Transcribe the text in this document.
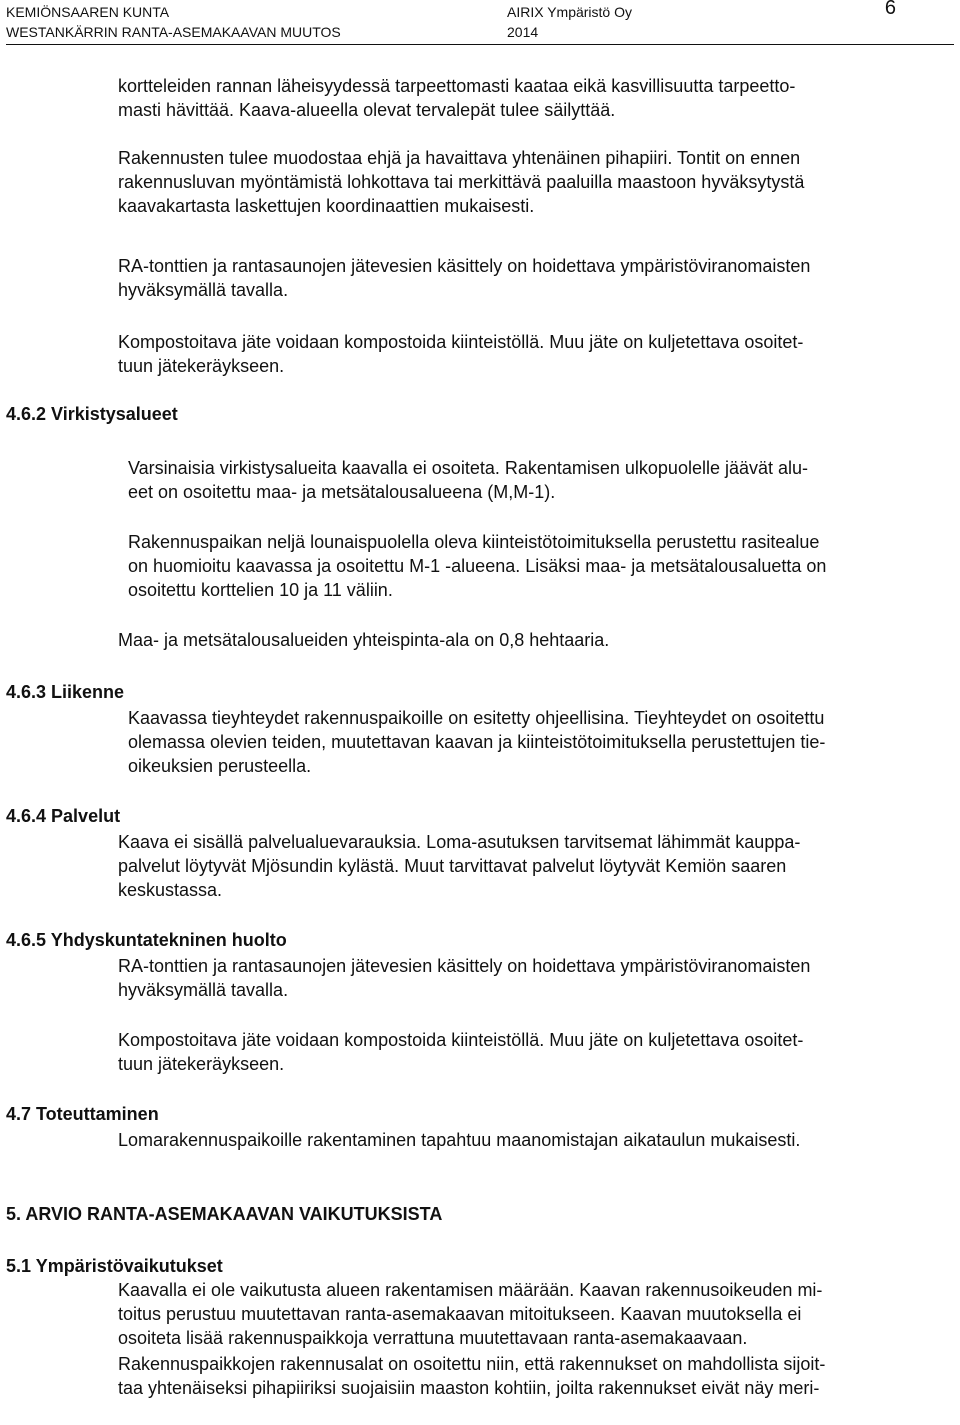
KEMIÖNSAAREN KUNTA
WESTANKÄRRIN RANTA-ASEMAKAAVAN MUUTOS
AIRIX Ympäristö Oy
2014
6

kortteleiden rannan läheisyydessä tarpeettomasti kaataa eikä kasvillisuutta tarpeetto-

masti hävittää. Kaava-alueella olevat tervalepät tulee säilyttää.

Rakennusten tulee muodostaa ehjä ja havaittava yhtenäinen pihapiiri. Tontit on ennen

rakennusluvan myöntämistä lohkottava tai merkittävä paaluilla maastoon hyväksytystä

kaavakartasta laskettujen koordinaattien mukaisesti.

RA-tonttien ja rantasaunojen jätevesien käsittely on hoidettava ympäristöviranomaisten

hyväksymällä tavalla.

Kompostoitava jäte voidaan kompostoida kiinteistöllä. Muu jäte on kuljetettava osoitet-

tuun jätekeräykseen.

4.6.2 Virkistysalueet

Varsinaisia virkistysalueita kaavalla ei osoiteta. Rakentamisen ulkopuolelle jäävät alu-

eet on osoitettu maa- ja metsätalousalueena (M,M-1).

Rakennuspaikan neljä lounaispuolella oleva kiinteistötoimituksella perustettu rasitealue

on huomioitu kaavassa ja osoitettu M-1 -alueena. Lisäksi maa- ja metsätalousaluetta on

osoitettu korttelien 10 ja 11 väliin.

Maa- ja metsätalousalueiden yhteispinta-ala on 0,8 hehtaaria.

4.6.3 Liikenne

Kaavassa tieyhteydet rakennuspaikoille on esitetty ohjeellisina. Tieyhteydet on osoitettu

olemassa olevien teiden, muutettavan kaavan ja kiinteistötoimituksella perustettujen tie-

oikeuksien perusteella.

4.6.4 Palvelut

Kaava ei sisällä palvelualuevarauksia. Loma-asutuksen tarvitsemat lähimmät kauppa-

palvelut löytyvät Mjösundin kylästä. Muut tarvittavat palvelut löytyvät Kemiön saaren

keskustassa.

4.6.5 Yhdyskuntatekninen huolto

RA-tonttien ja rantasaunojen jätevesien käsittely on hoidettava ympäristöviranomaisten

hyväksymällä tavalla.

Kompostoitava jäte voidaan kompostoida kiinteistöllä. Muu jäte on kuljetettava osoitet-

tuun jätekeräykseen.

4.7 Toteuttaminen

Lomarakennuspaikoille rakentaminen tapahtuu maanomistajan aikataulun mukaisesti.

5. ARVIO RANTA-ASEMAKAAVAN VAIKUTUKSISTA
5.1 Ympäristövaikutukset

Kaavalla ei ole vaikutusta alueen rakentamisen määrään. Kaavan rakennusoikeuden mi-

toitus perustuu muutettavan ranta-asemakaavan mitoitukseen. Kaavan muutoksella ei

osoiteta lisää rakennuspaikkoja verrattuna muutettavaan ranta-asemakaavaan.

Rakennuspaikkojen rakennusalat on osoitettu niin, että rakennukset on mahdollista sijoit-

taa yhtenäiseksi pihapiiriksi suojaisiin maaston kohtiin, joilta rakennukset eivät näy meri-
